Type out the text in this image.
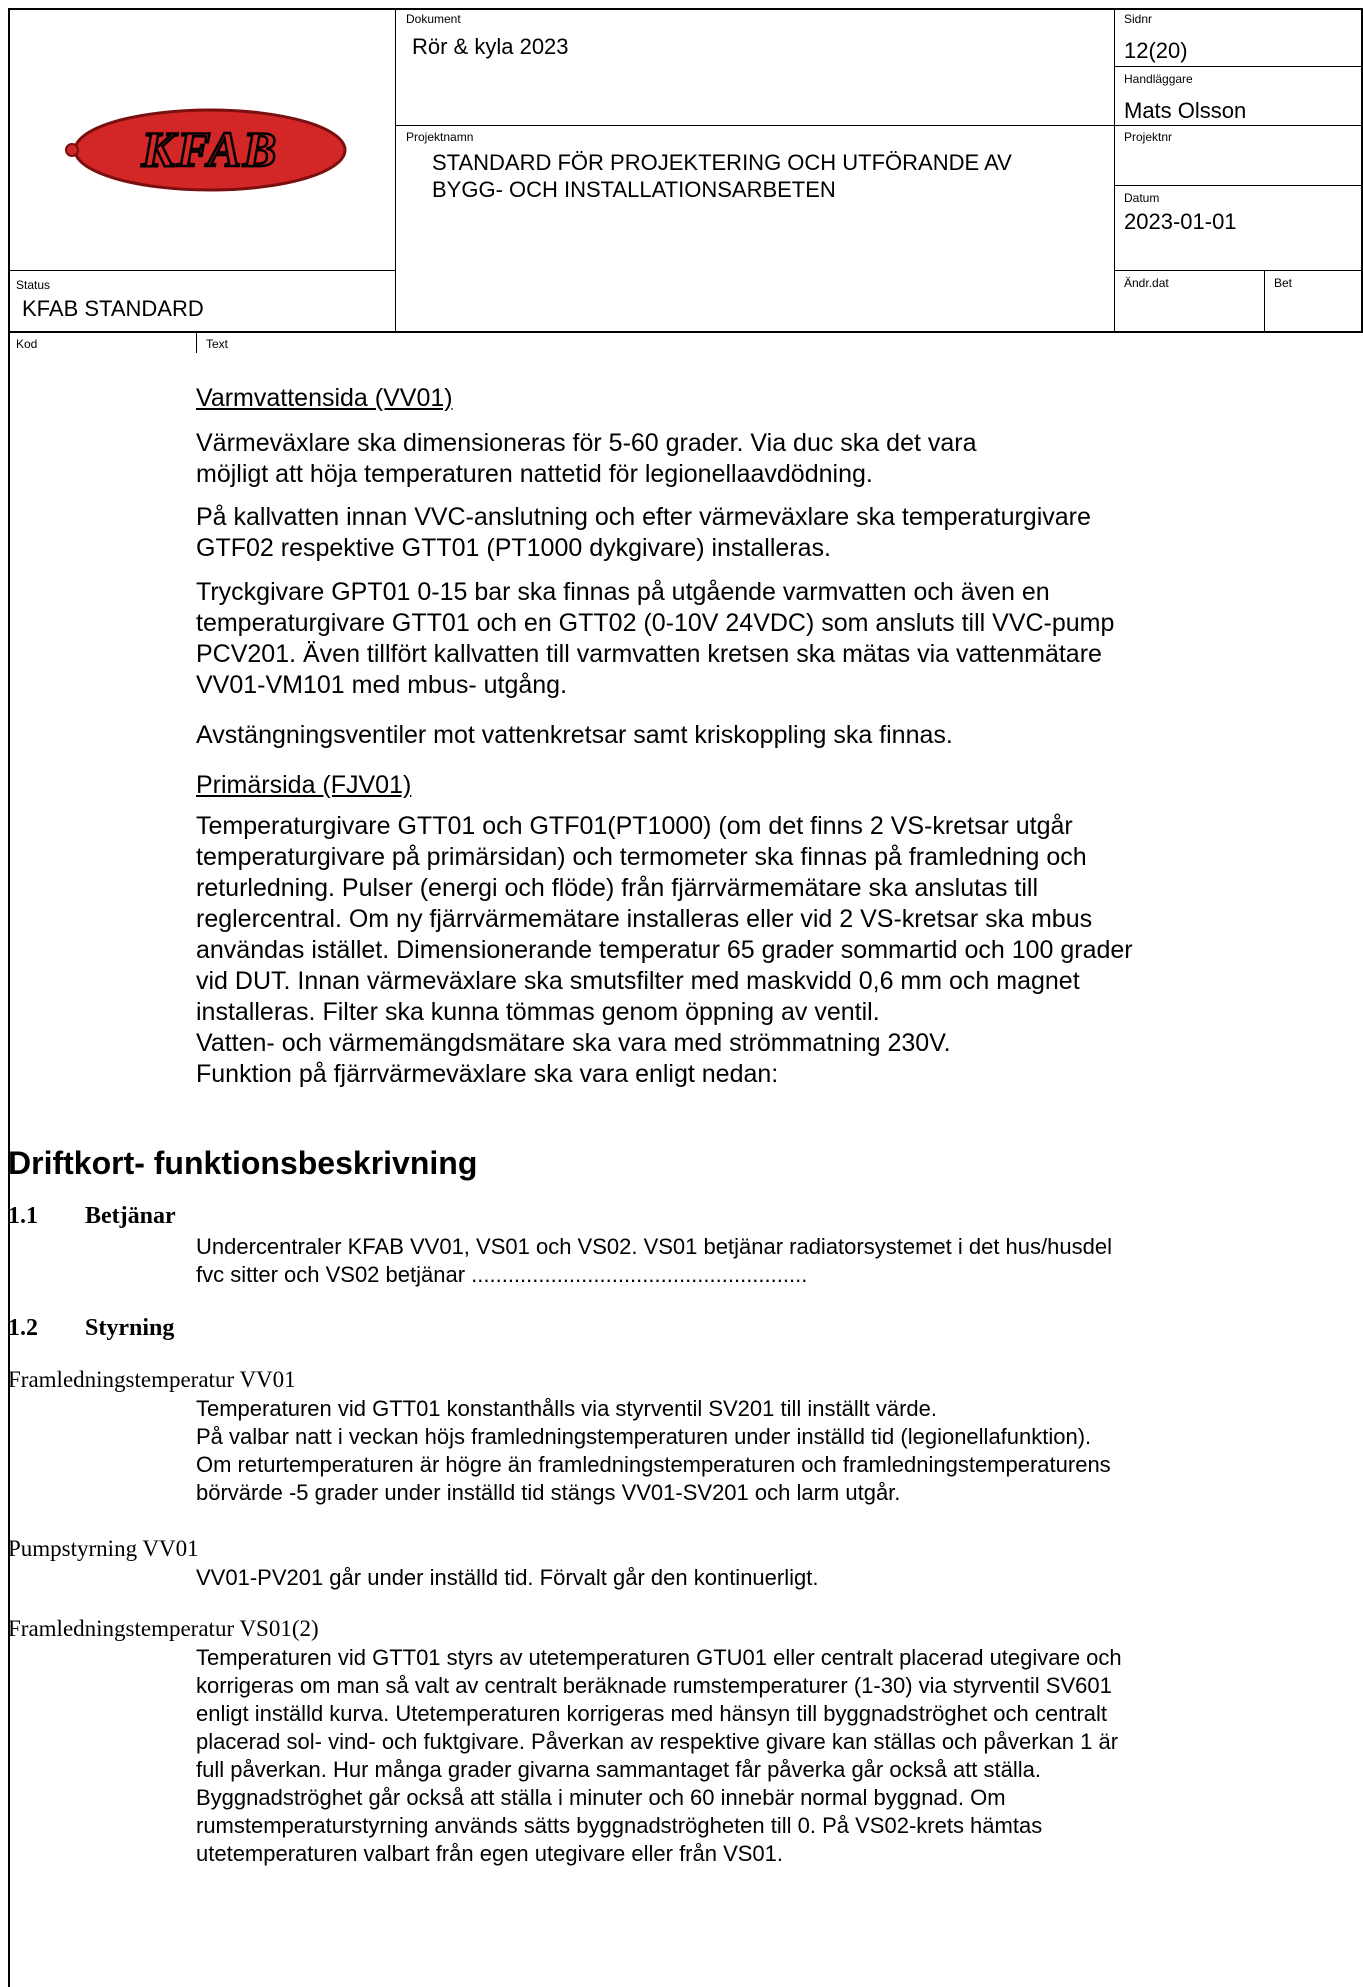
KFAB
Dokument
Rör & kyla 2023
Sidnr
12(20)
Handläggare
Mats Olsson
Projektnamn
STANDARD FÖR PROJEKTERING OCH UTFÖRANDE AV
BYGG- OCH INSTALLATIONSARBETEN
Projektnr
Datum
2023-01-01
Status
KFAB STANDARD
Ändr.dat	Bet
Kod	Text
Varmvattensida (VV01)

Värmeväxlare ska dimensioneras för 5-60 grader. Via duc ska det vara

möjligt att höja temperaturen nattetid för legionellaavdödning.

På kallvatten innan VVC-anslutning och efter värmeväxlare ska temperaturgivare

GTF02 respektive GTT01 (PT1000 dykgivare) installeras.

Tryckgivare GPT01 0-15 bar ska finnas på utgående varmvatten och även en

temperaturgivare GTT01 och en GTT02 (0-10V 24VDC) som ansluts till VVC-pump

PCV201. Även tillfört kallvatten till varmvatten kretsen ska mätas via vattenmätare

VV01-VM101 med mbus- utgång.

Avstängningsventiler mot vattenkretsar samt kriskoppling ska finnas.
Primärsida (FJV01)

Temperaturgivare GTT01 och GTF01(PT1000) (om det finns 2 VS-kretsar utgår

temperaturgivare på primärsidan) och termometer ska finnas på framledning och

returledning. Pulser (energi och flöde) från fjärrvärmemätare ska anslutas till

reglercentral. Om ny fjärrvärmemätare installeras eller vid 2 VS-kretsar ska mbus

användas istället. Dimensionerande temperatur 65 grader sommartid och 100 grader

vid DUT. Innan värmeväxlare ska smutsfilter med maskvidd 0,6 mm och magnet

installeras. Filter ska kunna tömmas genom öppning av ventil.

Vatten- och värmemängdsmätare ska vara med strömmatning 230V.

Funktion på fjärrvärmeväxlare ska vara enligt nedan:

Driftkort- funktionsbeskrivning
1.1 Betjänar

Undercentraler KFAB VV01, VS01 och VS02. VS01 betjänar radiatorsystemet i det hus/husdel

fvc sitter och VS02 betjänar .......................................................

1.2 Styrning
Framledningstemperatur VV01

Temperaturen vid GTT01 konstanthålls via styrventil SV201 till inställt värde.

På valbar natt i veckan höjs framledningstemperaturen under inställd tid (legionellafunktion).

Om returtemperaturen är högre än framledningstemperaturen och framledningstemperaturens

börvärde -5 grader under inställd tid stängs VV01-SV201 och larm utgår.

Pumpstyrning VV01
VV01-PV201 går under inställd tid. Förvalt går den kontinuerligt.
Framledningstemperatur VS01(2)

Temperaturen vid GTT01 styrs av utetemperaturen GTU01 eller centralt placerad utegivare och

korrigeras om man så valt av centralt beräknade rumstemperaturer (1-30) via styrventil SV601

enligt inställd kurva. Utetemperaturen korrigeras med hänsyn till byggnadströghet och centralt

placerad sol- vind- och fuktgivare. Påverkan av respektive givare kan ställas och påverkan 1 är

full påverkan. Hur många grader givarna sammantaget får påverka går också att ställa.

Byggnadströghet går också att ställa i minuter och 60 innebär normal byggnad. Om

rumstemperaturstyrning används sätts byggnadströgheten till 0. På VS02-krets hämtas

utetemperaturen valbart från egen utegivare eller från VS01.
